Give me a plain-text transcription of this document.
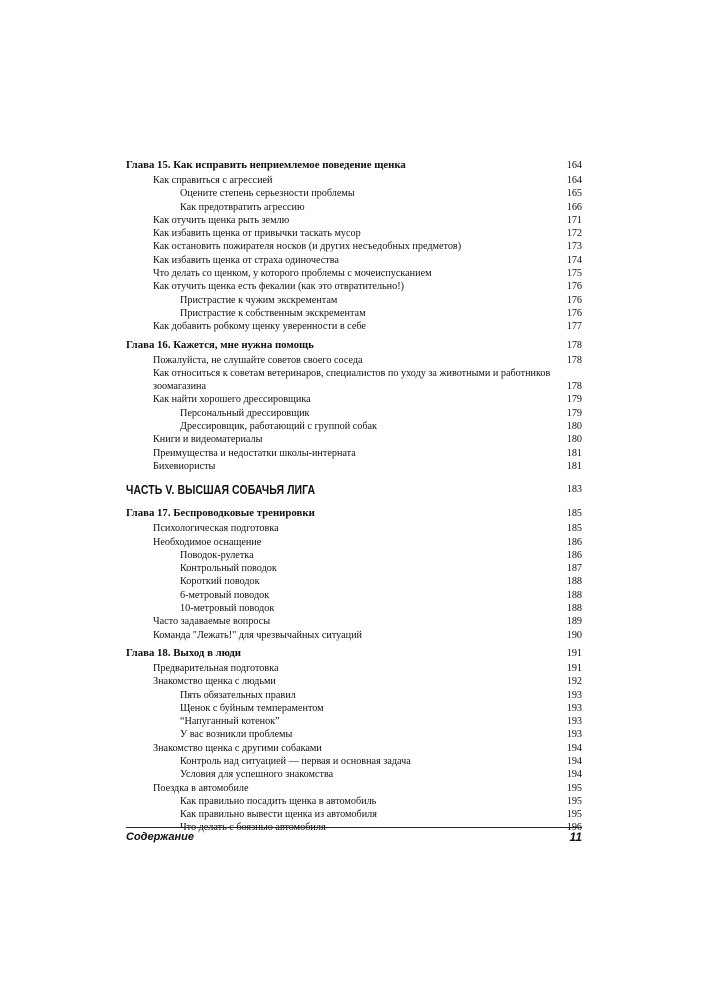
Глава 15. Как исправить неприемлемое поведение щенка	164
Как справиться с агрессией	164
Оцените степень серьезности проблемы	165
Как предотвратить агрессию	166
Как отучить щенка рыть землю	171
Как избавить щенка от привычки таскать мусор	172
Как остановить пожирателя носков (и других несъедобных предметов)	173
Как избавить щенка от страха одиночества	174
Что делать со щенком, у которого проблемы с мочеиспусканием	175
Как отучить щенка есть фекалии (как это отвратительно!)	176
Пристрастие к чужим экскрементам	176
Пристрастие к собственным экскрементам	176
Как добавить робкому щенку уверенности в себе	177
Глава 16. Кажется, мне нужна помощь	178
Пожалуйста, не слушайте советов своего соседа	178
Как относиться к советам ветеринаров, специалистов по уходу за животными и работников зоомагазина	178
Как найти хорошего дрессировщика	179
Персональный дрессировщик	179
Дрессировщик, работающий с группой собак	180
Книги и видеоматериалы	180
Преимущества и недостатки школы-интерната	181
Бихевиористы	181
ЧАСТЬ V. ВЫСШАЯ СОБАЧЬЯ ЛИГА	183
Глава 17. Беспроводковые тренировки	185
Психологическая подготовка	185
Необходимое оснащение	186
Поводок-рулетка	186
Контрольный поводок	187
Короткий поводок	188
6-метровый поводок	188
10-метровый поводок	188
Часто задаваемые вопросы	189
Команда "Лежать!" для чрезвычайных ситуаций	190
Глава 18. Выход в люди	191
Предварительная подготовка	191
Знакомство щенка с людьми	192
Пять обязательных правил	193
Щенок с буйным темпераментом	193
“Напуганный котенок”	193
У вас возникли проблемы	193
Знакомство щенка с другими собаками	194
Контроль над ситуацией — первая и основная задача	194
Условия для успешного знакомства	194
Поездка в автомобиле	195
Как правильно посадить щенка в автомобиль	195
Как правильно вывести щенка из автомобиля	195
Что делать с боязнью автомобиля	196
Содержание	11
